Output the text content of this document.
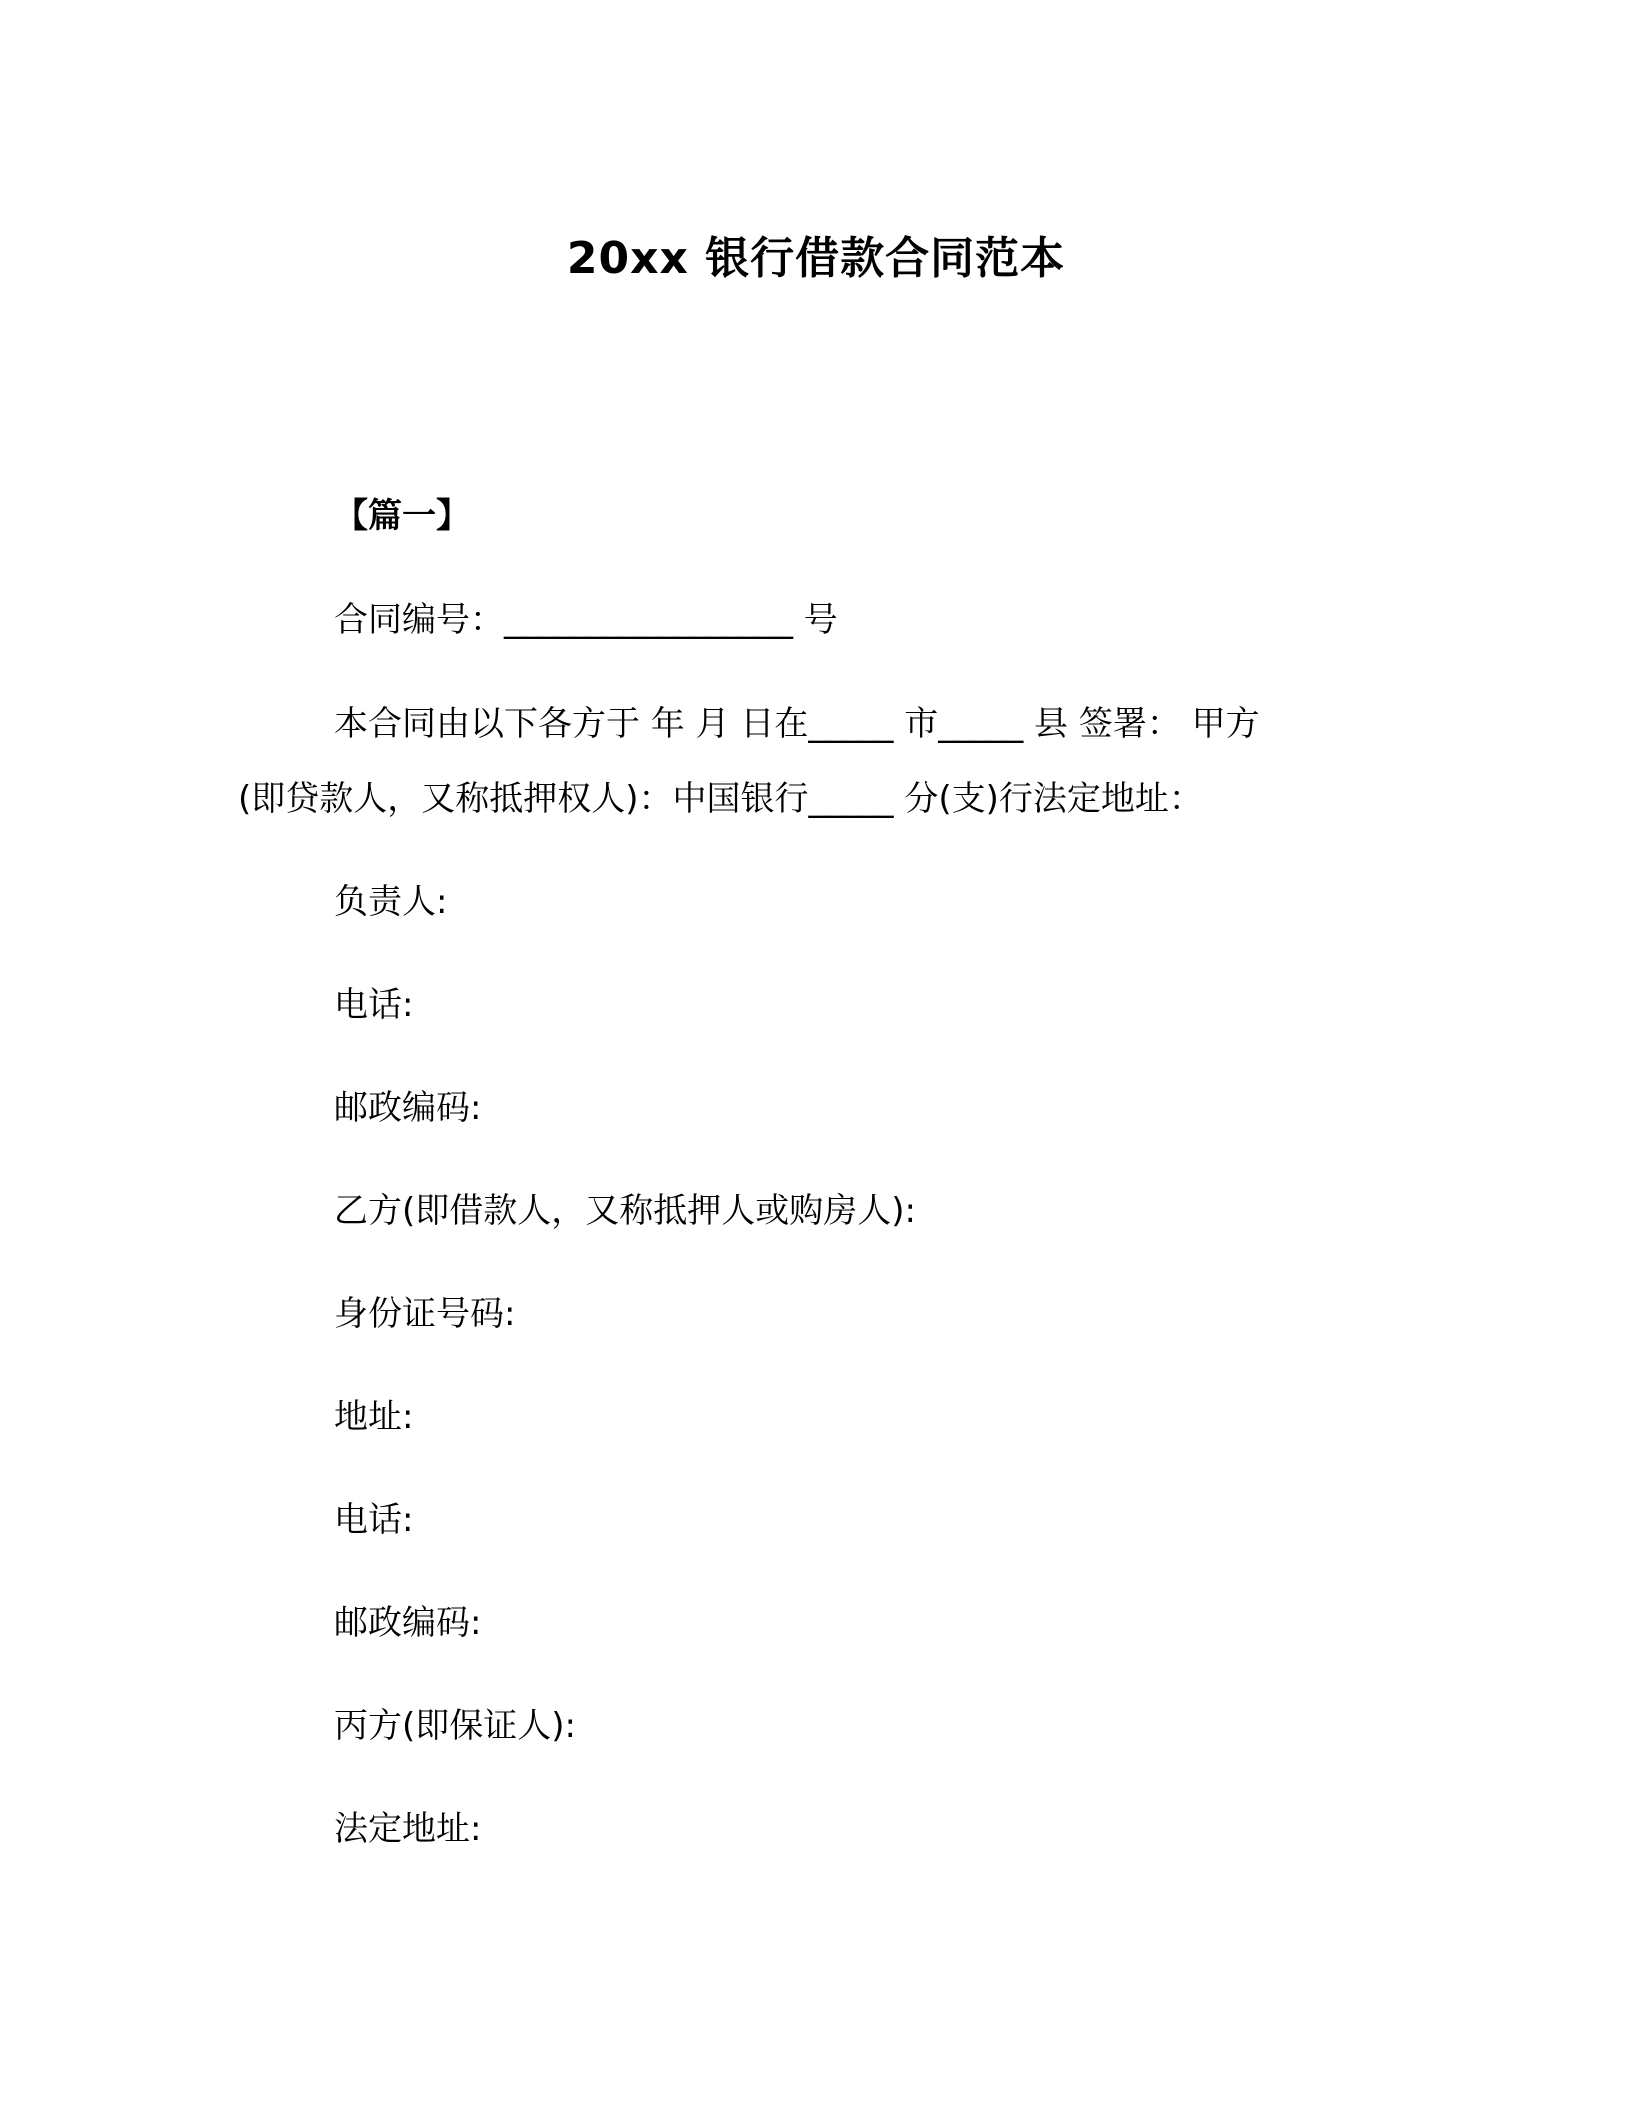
20xx 银行借款合同范本
【篇一】
合同编号：_________________ 号
本合同由以下各方于 年 月 日在_____ 市_____ 县 签署： 甲方
(即贷款人，又称抵押权人)：中国银行_____ 分(支)行法定地址：
负责人:
电话:
邮政编码:
乙方(即借款人，又称抵押人或购房人):
身份证号码:
地址:
电话:
邮政编码:
丙方(即保证人):
法定地址:
